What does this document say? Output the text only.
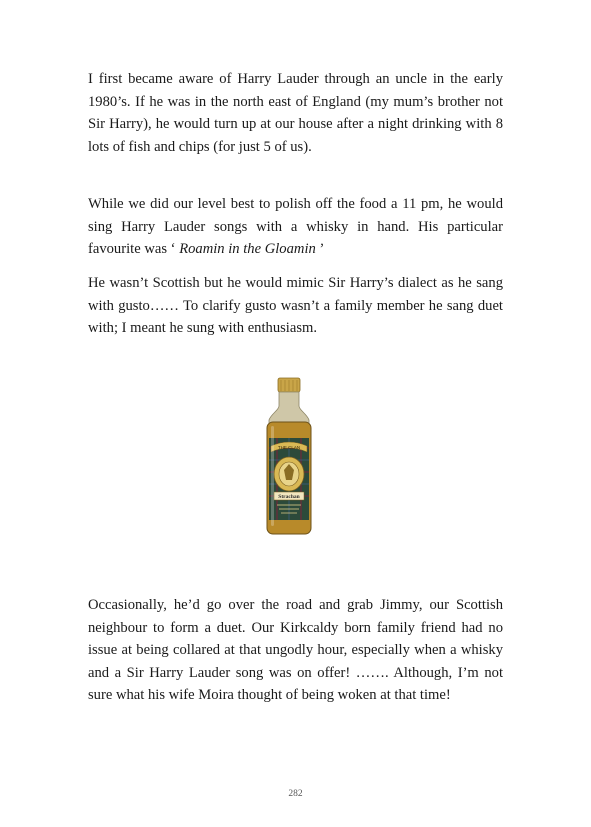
I first became aware of Harry Lauder through an uncle in the early 1980’s. If he was in the north east of England (my mum’s brother not Sir Harry), he would turn up at our house after a night drinking with 8 lots of fish and chips (for just 5 of us).

While we did our level best to polish off the food a 11 pm, he would sing Harry Lauder songs with a whisky in hand. His particular favourite was ‘ Roamin in the Gloamin ’

He wasn’t Scottish but he would mimic Sir Harry’s dialect as he sang with gusto…… To clarify gusto wasn’t a family member he sang duet with; I meant he sung with enthusiasm.

THE CLAN
Strachan

Occasionally, he’d go over the road and grab Jimmy, our Scottish neighbour to form a duet. Our Kirkcaldy born family friend had no issue at being collared at that ungodly hour, especially when a whisky and a Sir Harry Lauder song was on offer! ……. Although, I’m not sure what his wife Moira thought of being woken at that time!

282
